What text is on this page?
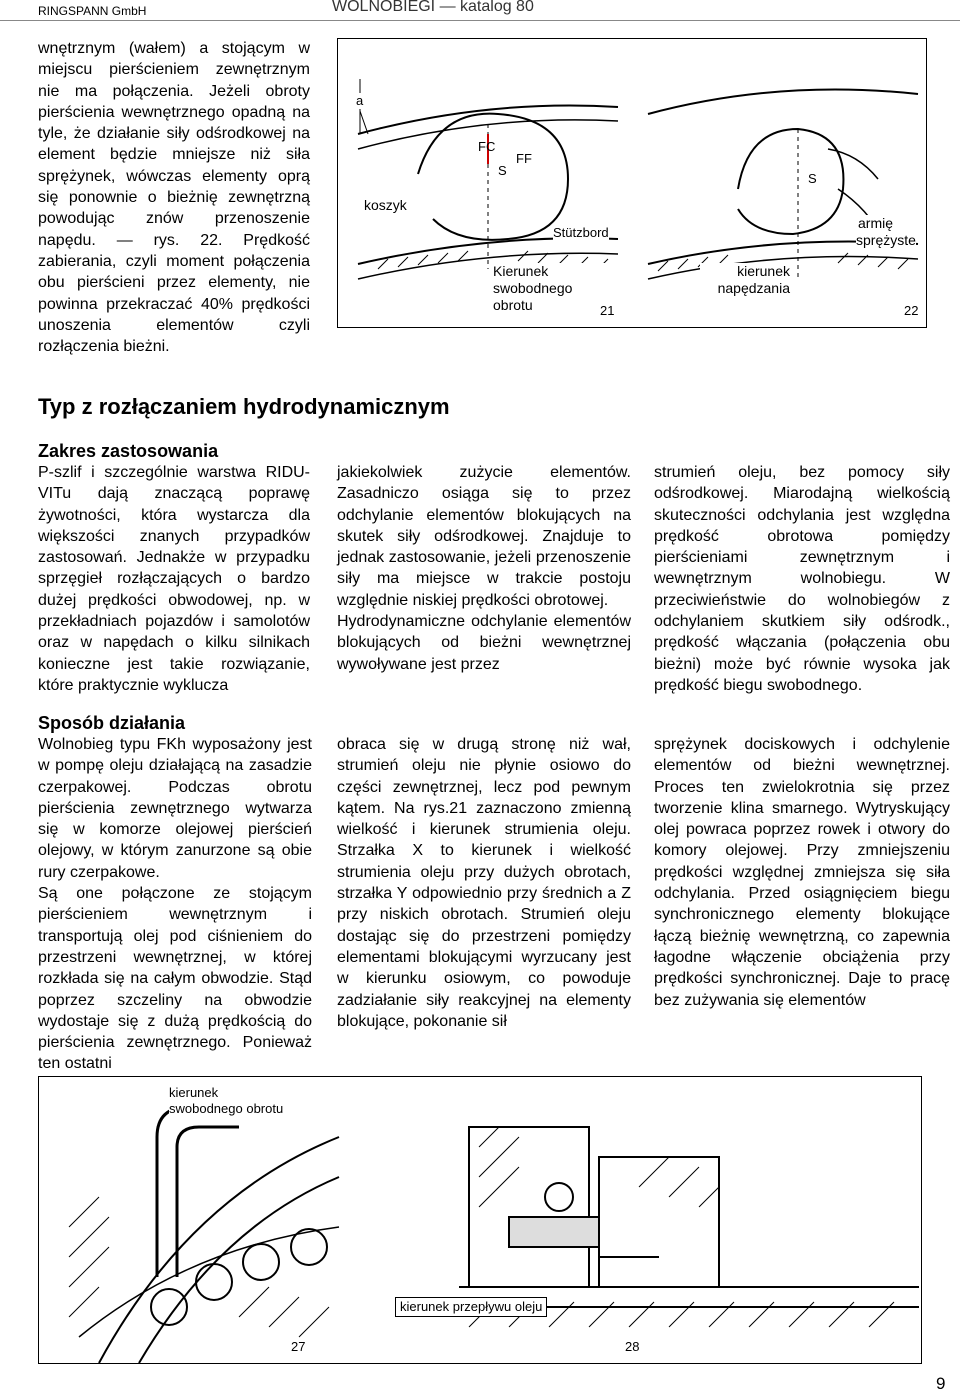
RINGSPANN GmbH	WOLNOBIEGI — katalog 80

wnętrznym (wałem) a stojącym w miejscu pierścieniem zewnętrznym nie ma połączenia. Jeżeli obroty pierścienia wewnętrznego opadną na tyle, że działanie siły odśrodkowej na element będzie mniejsze niż siła sprężynek, wówczas elementy oprą się ponownie o bieżnię zewnętrzną powodując znów przenoszenie napędu. — rys. 22. Prędkość zabierania, czyli moment połączenia obu pierścieni przez elementy, nie powinna przekraczać 40% prędkości unoszenia elementów czyli rozłączenia bieżni.

a
FC
FF
S
S
koszyk
Stützbord
Kierunek swobodnego obrotu
kierunek napędzania
armię
sprężyste
21	22
Typ z rozłączaniem hydrodynamicznym
Zakres zastosowania

P-szlif i szczególnie warstwa RIDU-VITu dają znaczącą poprawę żywotności, która wystarcza dla większości znanych przypadków zastosowań. Jednakże w przypadku sprzęgieł rozłączających o bardzo dużej prędkości obwodowej, np. w przekładniach pojazdów i samolotów oraz w napędach o kilku silnikach konieczne jest takie rozwiązanie, które praktycznie wyklucza

jakiekolwiek zużycie elementów. Zasadniczo osiąga się to przez odchylanie elementów blokujących na skutek siły odśrodkowej. Znajduje to jednak zastosowanie, jeżeli przenoszenie siły ma miejsce w trakcie postoju względnie niskiej prędkości obrotowej.

Hydrodynamiczne odchylanie elementów blokujących od bieżni wewnętrznej wywoływane jest przez

strumień oleju, bez pomocy siły odśrodkowej. Miarodajną wielkością skuteczności odchylania jest względna prędkość obrotowa pomiędzy pierścieniami zewnętrznym i wewnętrznym wolnobiegu. W przeciwieństwie do wolnobiegów z odchylaniem skutkiem siły odśrodk., prędkość włączania (połączenia obu bieżni) może być równie wysoka jak prędkość biegu swobodnego.

Sposób działania

Wolnobieg typu FKh wyposażony jest w pompę oleju działającą na zasadzie czerpakowej. Podczas obrotu pierścienia zewnętrznego wytwarza się w komorze olejowej pierścień olejowy, w którym zanurzone są obie rury czerpakowe.

Są one połączone ze stojącym pierścieniem wewnętrznym i transportują olej pod ciśnieniem do przestrzeni wewnętrznej, w której rozkłada się na całym obwodzie. Stąd poprzez szczeliny na obwodzie wydostaje się z dużą prędkością do pierścienia zewnętrznego. Ponieważ ten ostatni

obraca się w drugą stronę niż wał, strumień oleju nie płynie osiowo do części zewnętrznej, lecz pod pewnym kątem. Na rys.21 zaznaczono zmienną wielkość i kierunek strumienia oleju. Strzałka X to kierunek i wielkość strumienia oleju przy dużych obrotach, strzałka Y odpowiednio przy średnich a Z przy niskich obrotach. Strumień oleju dostając się do przestrzeni pomiędzy elementami blokującymi wyrzucany jest w kierunku osiowym, co powoduje zadziałanie siły reakcyjnej na elementy blokujące, pokonanie sił

sprężynek dociskowych i odchylenie elementów od bieżni wewnętrznej. Proces ten zwielokrotnia się przez tworzenie klina smarnego. Wytryskujący olej powraca poprzez rowek i otwory do komory olejowej. Przy zmniejszeniu prędkości względnej zmniejsza się siła odchylania. Przed osiągnięciem biegu synchronicznego elementy blokujące łączą bieżnię wewnętrzną, co zapewnia łagodne włączenie obciążenia przy prędkości synchronicznej. Daje to pracę bez zużywania się elementów

kierunek swobodnego obrotu
kierunek przepływu oleju
27	28
9
